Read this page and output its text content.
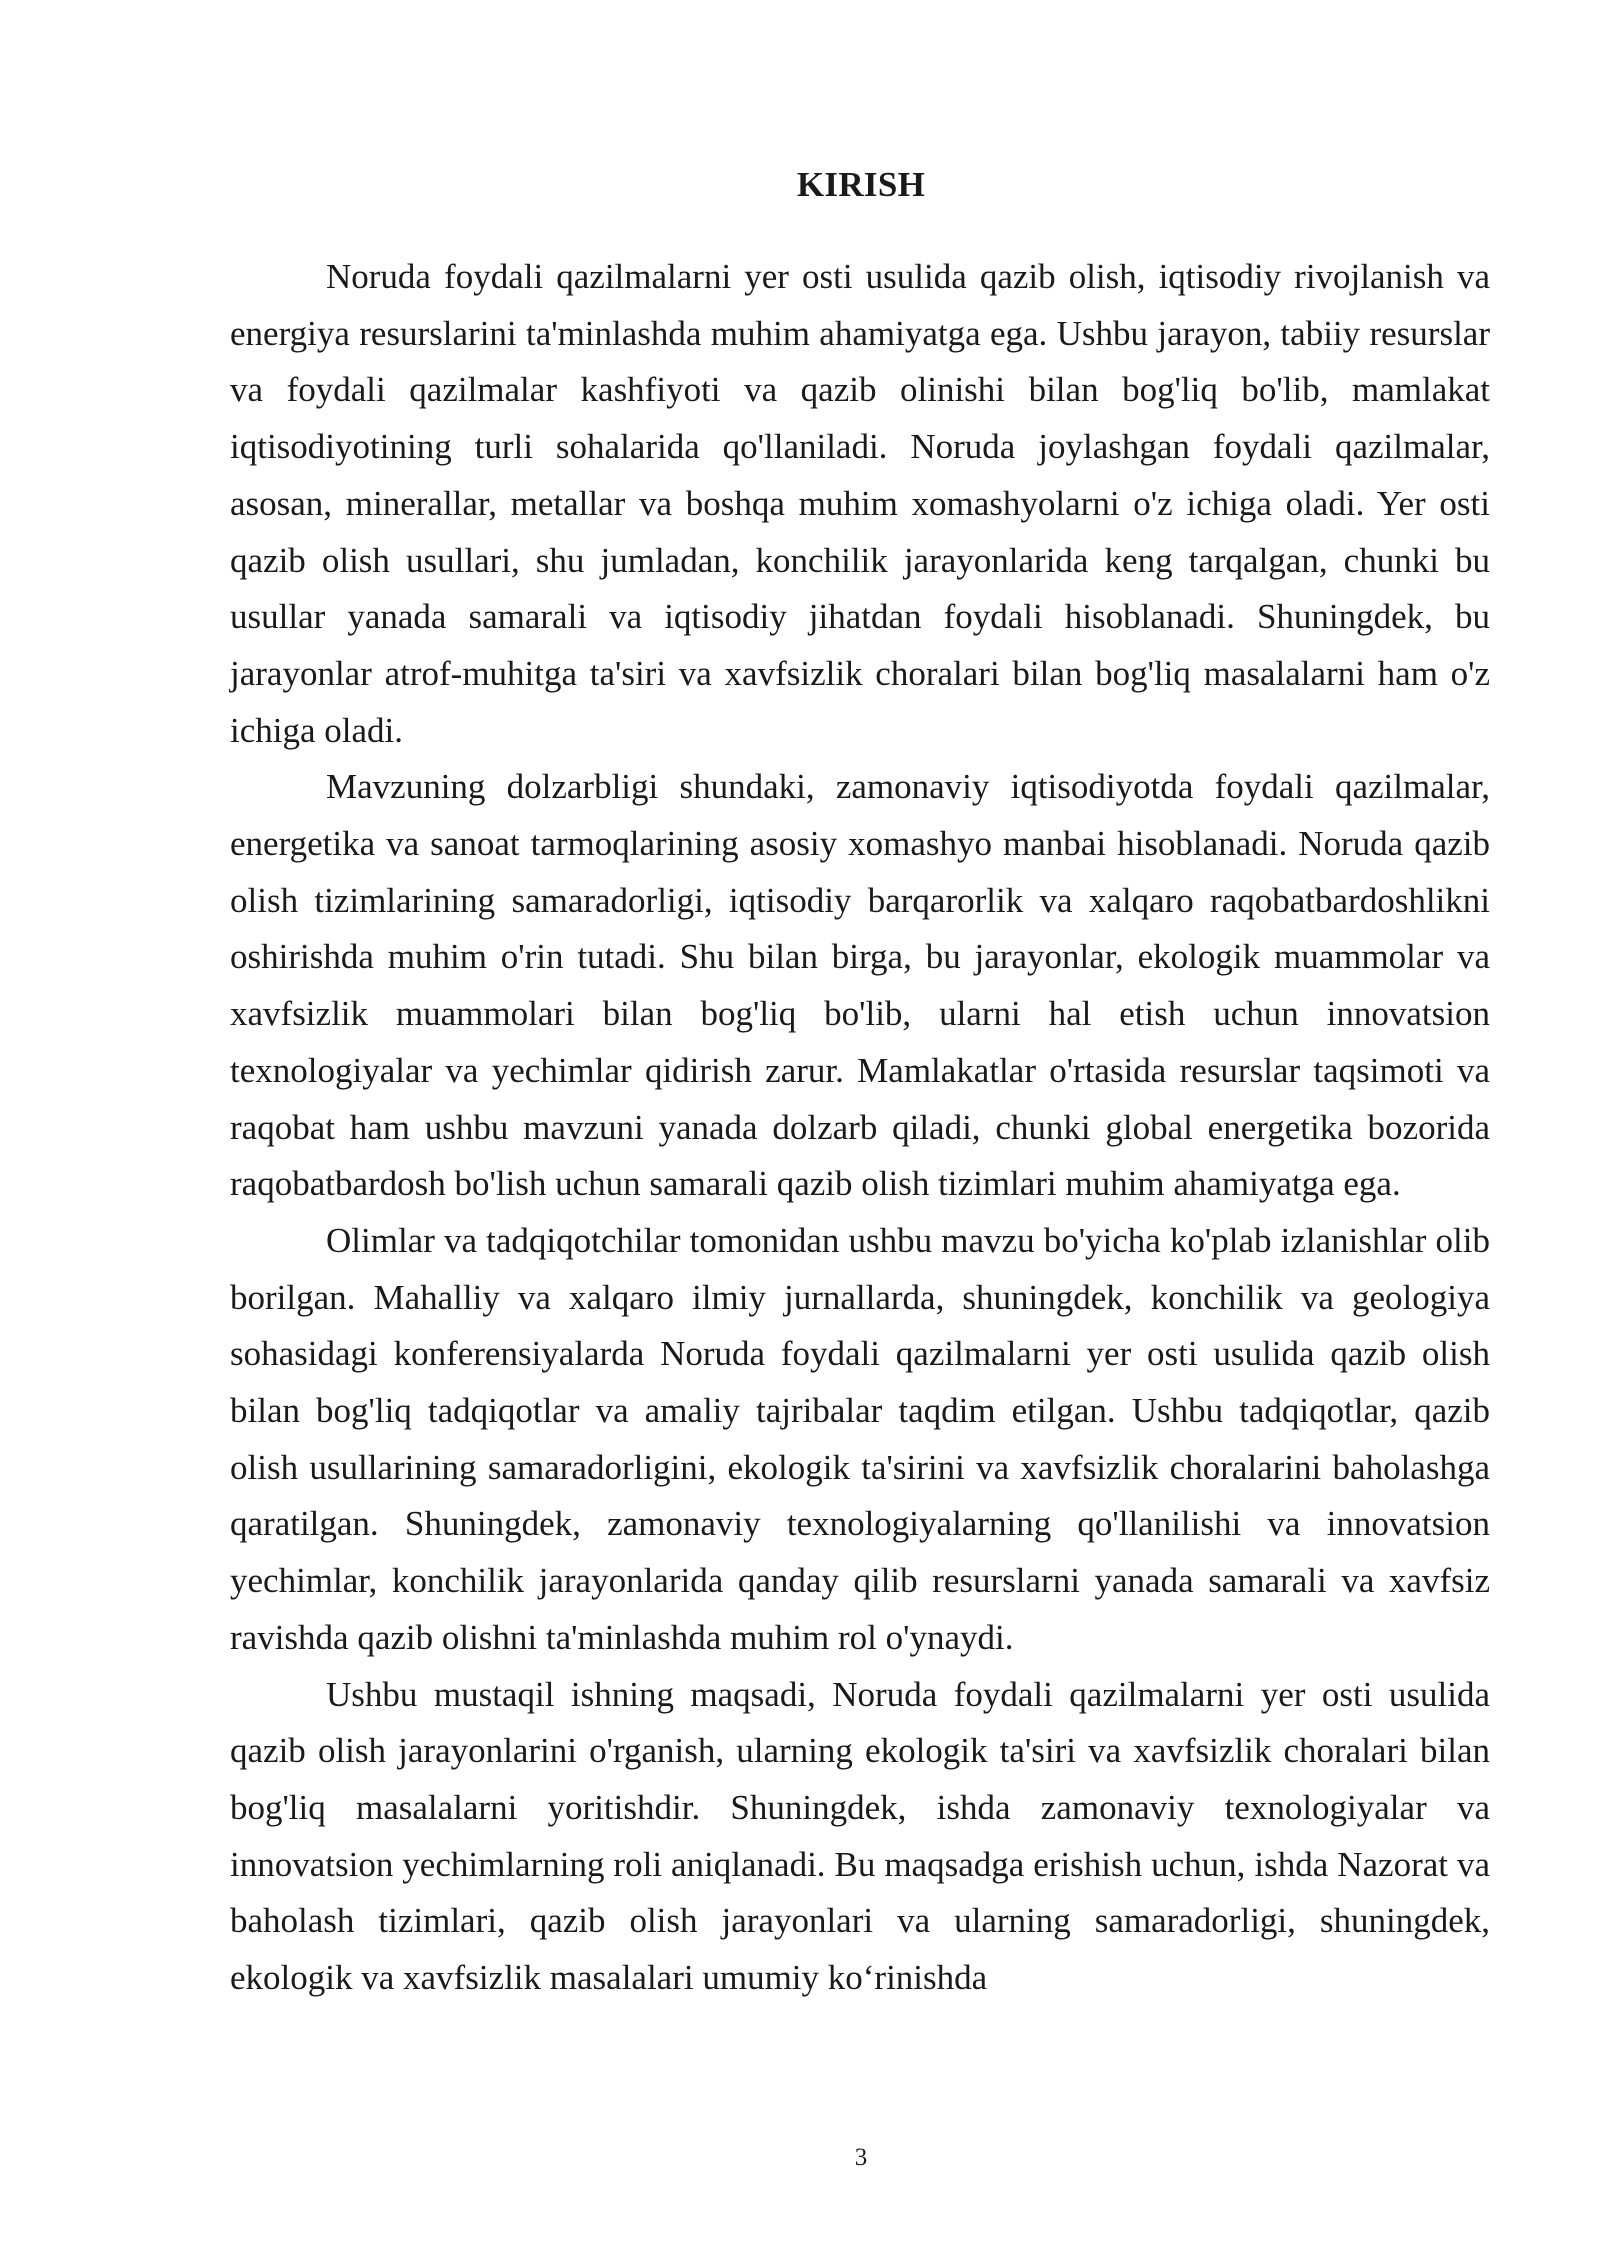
KIRISH

Noruda foydali qazilmalarni yer osti usulida qazib olish, iqtisodiy rivojlanish va energiya resurslarini ta'minlashda muhim ahamiyatga ega. Ushbu jarayon, tabiiy resurslar va foydali qazilmalar kashfiyoti va qazib olinishi bilan bog'liq bo'lib, mamlakat iqtisodiyotining turli sohalarida qo'llaniladi. Noruda joylashgan foydali qazilmalar, asosan, minerallar, metallar va boshqa muhim xomashyolarni o'z ichiga oladi. Yer osti qazib olish usullari, shu jumladan, konchilik jarayonlarida keng tarqalgan, chunki bu usullar yanada samarali va iqtisodiy jihatdan foydali hisoblanadi. Shuningdek, bu jarayonlar atrof-muhitga ta'siri va xavfsizlik choralari bilan bog'liq masalalarni ham o'z ichiga oladi.

Mavzuning dolzarbligi shundaki, zamonaviy iqtisodiyotda foydali qazilmalar, energetika va sanoat tarmoqlarining asosiy xomashyo manbai hisoblanadi. Noruda qazib olish tizimlarining samaradorligi, iqtisodiy barqarorlik va xalqaro raqobatbardoshlikni oshirishda muhim o'rin tutadi. Shu bilan birga, bu jarayonlar, ekologik muammolar va xavfsizlik muammolari bilan bog'liq bo'lib, ularni hal etish uchun innovatsion texnologiyalar va yechimlar qidirish zarur. Mamlakatlar o'rtasida resurslar taqsimoti va raqobat ham ushbu mavzuni yanada dolzarb qiladi, chunki global energetika bozorida raqobatbardosh bo'lish uchun samarali qazib olish tizimlari muhim ahamiyatga ega.

Olimlar va tadqiqotchilar tomonidan ushbu mavzu bo'yicha ko'plab izlanishlar olib borilgan. Mahalliy va xalqaro ilmiy jurnallarda, shuningdek, konchilik va geologiya sohasidagi konferensiyalarda Noruda foydali qazilmalarni yer osti usulida qazib olish bilan bog'liq tadqiqotlar va amaliy tajribalar taqdim etilgan. Ushbu tadqiqotlar, qazib olish usullarining samaradorligini, ekologik ta'sirini va xavfsizlik choralarini baholashga qaratilgan. Shuningdek, zamonaviy texnologiyalarning qo'llanilishi va innovatsion yechimlar, konchilik jarayonlarida qanday qilib resurslarni yanada samarali va xavfsiz ravishda qazib olishni ta'minlashda muhim rol o'ynaydi.

Ushbu mustaqil ishning maqsadi, Noruda foydali qazilmalarni yer osti usulida qazib olish jarayonlarini o'rganish, ularning ekologik ta'siri va xavfsizlik choralari bilan bog'liq masalalarni yoritishdir. Shuningdek, ishda zamonaviy texnologiyalar va innovatsion yechimlarning roli aniqlanadi. Bu maqsadga erishish uchun, ishda Nazorat va baholash tizimlari, qazib olish jarayonlari va ularning samaradorligi, shuningdek, ekologik va xavfsizlik masalalari umumiy ko‘rinishda

3
